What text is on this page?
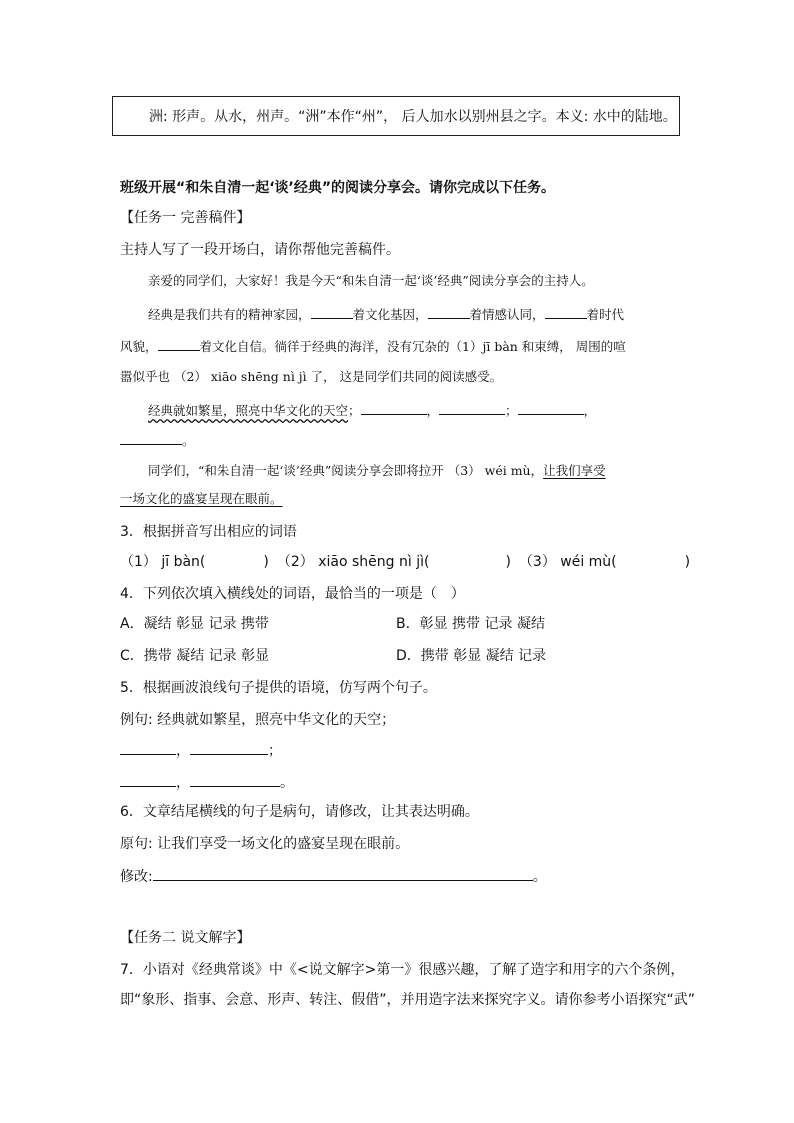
洲: 形声。从水，州声。“洲”本作“州”， 后人加水以别州县之字。本义: 水中的陆地。
班级开展“和朱自清一起‘谈’经典”的阅读分享会。请你完成以下任务。
【任务一 完善稿件】
主持人写了一段开场白，请你帮他完善稿件。
亲爱的同学们，大家好！我是今天“和朱自清一起‘谈’经典”阅读分享会的主持人。
经典是我们共有的精神家园，	着文化基因，	着情感认同，	着时代
风貌，	着文化自信。徜徉于经典的海洋，没有冗杂的（1）jī bàn 和束缚， 周围的喧
嚣似乎也 （2） xiāo shēng nì jì 了， 这是同学们共同的阅读感受。
经典就如繁星，照亮中华文化的天空；	，	；	，
。
同学们，“和朱自清一起‘谈’经典”阅读分享会即将拉开 （3） wéi mù，让我们享受
一场文化的盛宴呈现在眼前。
3．根据拼音写出相应的词语
（1） jī bàn(	) （2） xiāo shēng nì jì(	) （3） wéi mù(	)
4．下列依次填入横线处的词语，最恰当的一项是（　）
A．凝结 彰显 记录 携带	B．彰显 携带 记录 凝结
C．携带 凝结 记录 彰显	D．携带 彰显 凝结 记录
5．根据画波浪线句子提供的语境，仿写两个句子。
例句: 经典就如繁星，照亮中华文化的天空；
，	；
，	。
6．文章结尾横线的句子是病句，请修改，让其表达明确。
原句: 让我们享受一场文化的盛宴呈现在眼前。
修改:	。
【任务二 说文解字】
7．小语对《经典常谈》中《<说文解字>第一》很感兴趣，了解了造字和用字的六个条例，
即“象形、指事、会意、形声、转注、假借”，并用造字法来探究字义。请你参考小语探究“武”
